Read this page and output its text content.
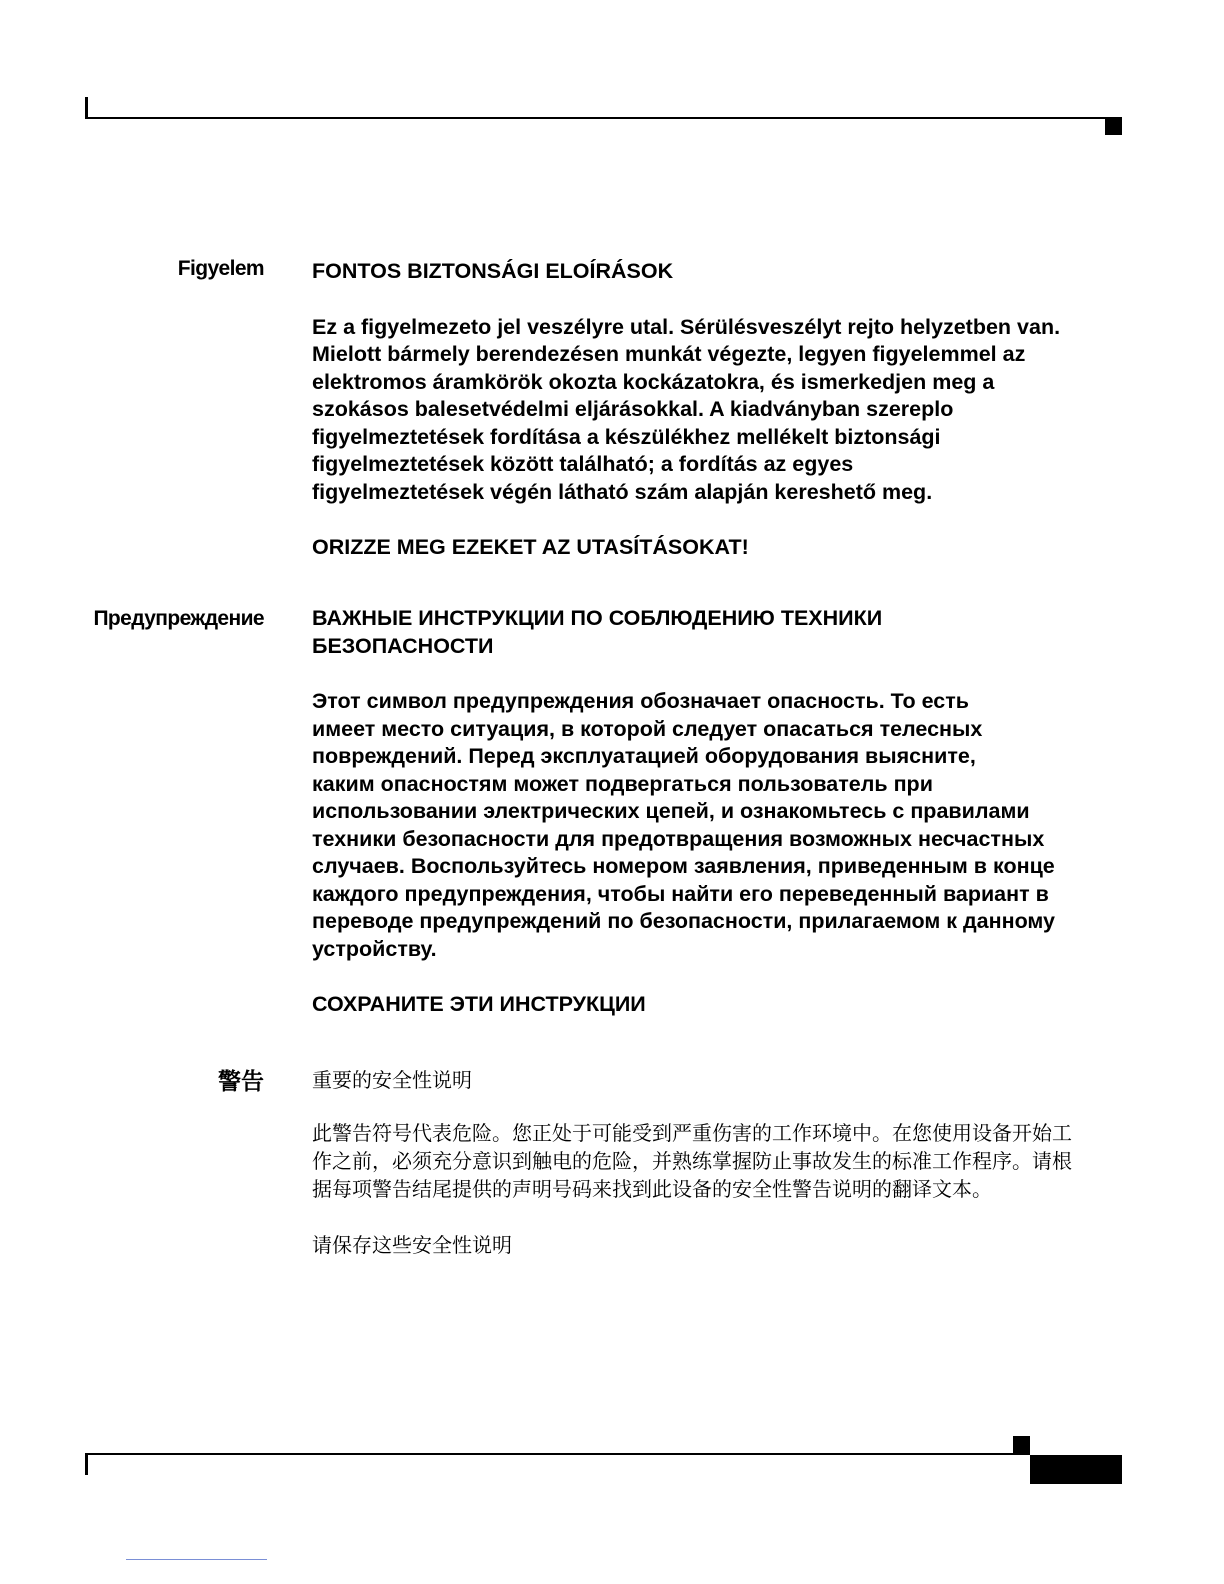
Figyelem FONTOS BIZTONSÁGI ELOÍRÁSOK

Ez a figyelmezeto jel veszélyre utal. Sérülésveszélyt rejto helyzetben van.
Mielott bármely berendezésen munkát végezte, legyen figyelemmel az
elektromos áramkörök okozta kockázatokra, és ismerkedjen meg a
szokásos balesetvédelmi eljárásokkal. A kiadványban szereplo
figyelmeztetések fordítása a készülékhez mellékelt biztonsági
figyelmeztetések között található; a fordítás az egyes
figyelmeztetések végén látható szám alapján kereshető meg.

ORIZZE MEG EZEKET AZ UTASÍTÁSOKAT!

Предупреждение ВАЖНЫЕ ИНСТРУКЦИИ ПО СОБЛЮДЕНИЮ ТЕХНИКИ
БЕЗОПАСНОСТИ

Этот символ предупреждения обозначает опасность. То есть
имеет место ситуация, в которой следует опасаться телесных
повреждений. Перед эксплуатацией оборудования выясните,
каким опасностям может подвергаться пользователь при
использовании электрических цепей, и ознакомьтесь с правилами
техники безопасности для предотвращения возможных несчастных
случаев. Воспользуйтесь номером заявления, приведенным в конце
каждого предупреждения, чтобы найти его переведенный вариант в
переводе предупреждений по безопасности, прилагаемом к данному
устройству.

СОХРАНИТЕ ЭТИ ИНСТРУКЦИИ

警告 重要的安全性说明

此警告符号代表危险。您正处于可能受到严重伤害的工作环境中。在您使用设备开始工
作之前，必须充分意识到触电的危险，并熟练掌握防止事故发生的标准工作程序。请根
据每项警告结尾提供的声明号码来找到此设备的安全性警告说明的翻译文本。

请保存这些安全性说明
